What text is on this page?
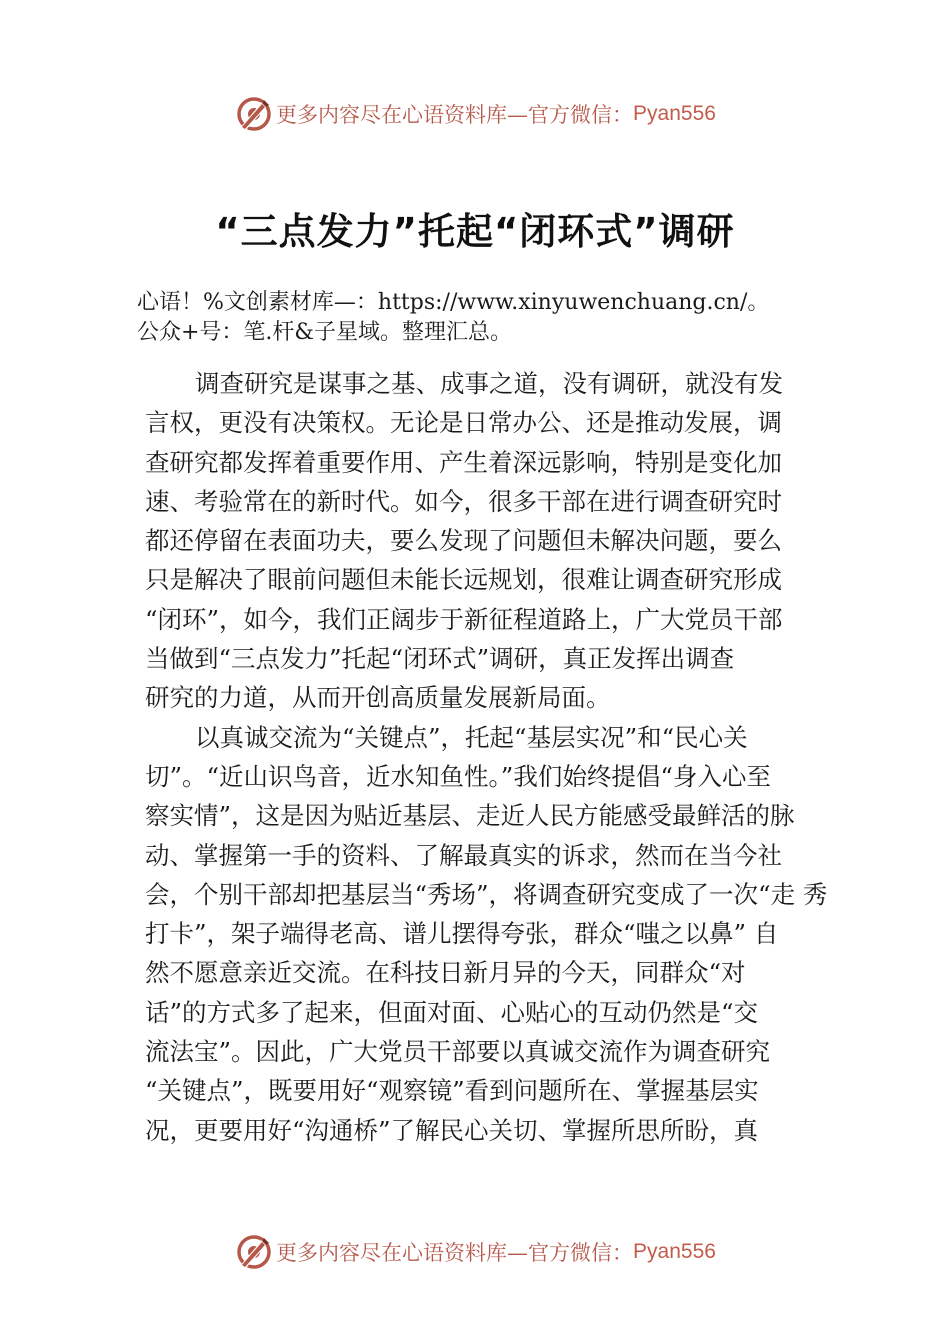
更多内容尽在心语资料库—官方微信： Pyan556
“三点发力”托起“闭环式”调研
心语！%文创素材库—：https://www.xinyuwenchuang.cn/。
公众+号：笔.杆&子星域。整理汇总。
调查研究是谋事之基、成事之道，没有调研，就没有发
言权，更没有决策权。无论是日常办公、还是推动发展，调
查研究都发挥着重要作用、产生着深远影响，特别是变化加
速、考验常在的新时代。如今，很多干部在进行调查研究时
都还停留在表面功夫，要么发现了问题但未解决问题，要么
只是解决了眼前问题但未能长远规划，很难让调查研究形成
“闭环”，如今，我们正阔步于新征程道路上，广大党员干部
当做到“三点发力”托起“闭环式”调研，真正发挥出调查
研究的力道，从而开创高质量发展新局面。
以真诚交流为“关键点”，托起“基层实况”和“民心关
切”。“近山识鸟音，近水知鱼性。”我们始终提倡“身入心至
察实情”，这是因为贴近基层、走近人民方能感受最鲜活的脉
动、掌握第一手的资料、了解最真实的诉求，然而在当今社
会，个别干部却把基层当“秀场”，将调查研究变成了一次“走 秀
打卡”，架子端得老高、谱儿摆得夸张，群众“嗤之以鼻” 自
然不愿意亲近交流。在科技日新月异的今天，同群众“对
话”的方式多了起来，但面对面、心贴心的互动仍然是“交
流法宝”。因此，广大党员干部要以真诚交流作为调查研究
“关键点”，既要用好“观察镜”看到问题所在、掌握基层实
况，更要用好“沟通桥”了解民心关切、掌握所思所盼，真
更多内容尽在心语资料库—官方微信： Pyan556
